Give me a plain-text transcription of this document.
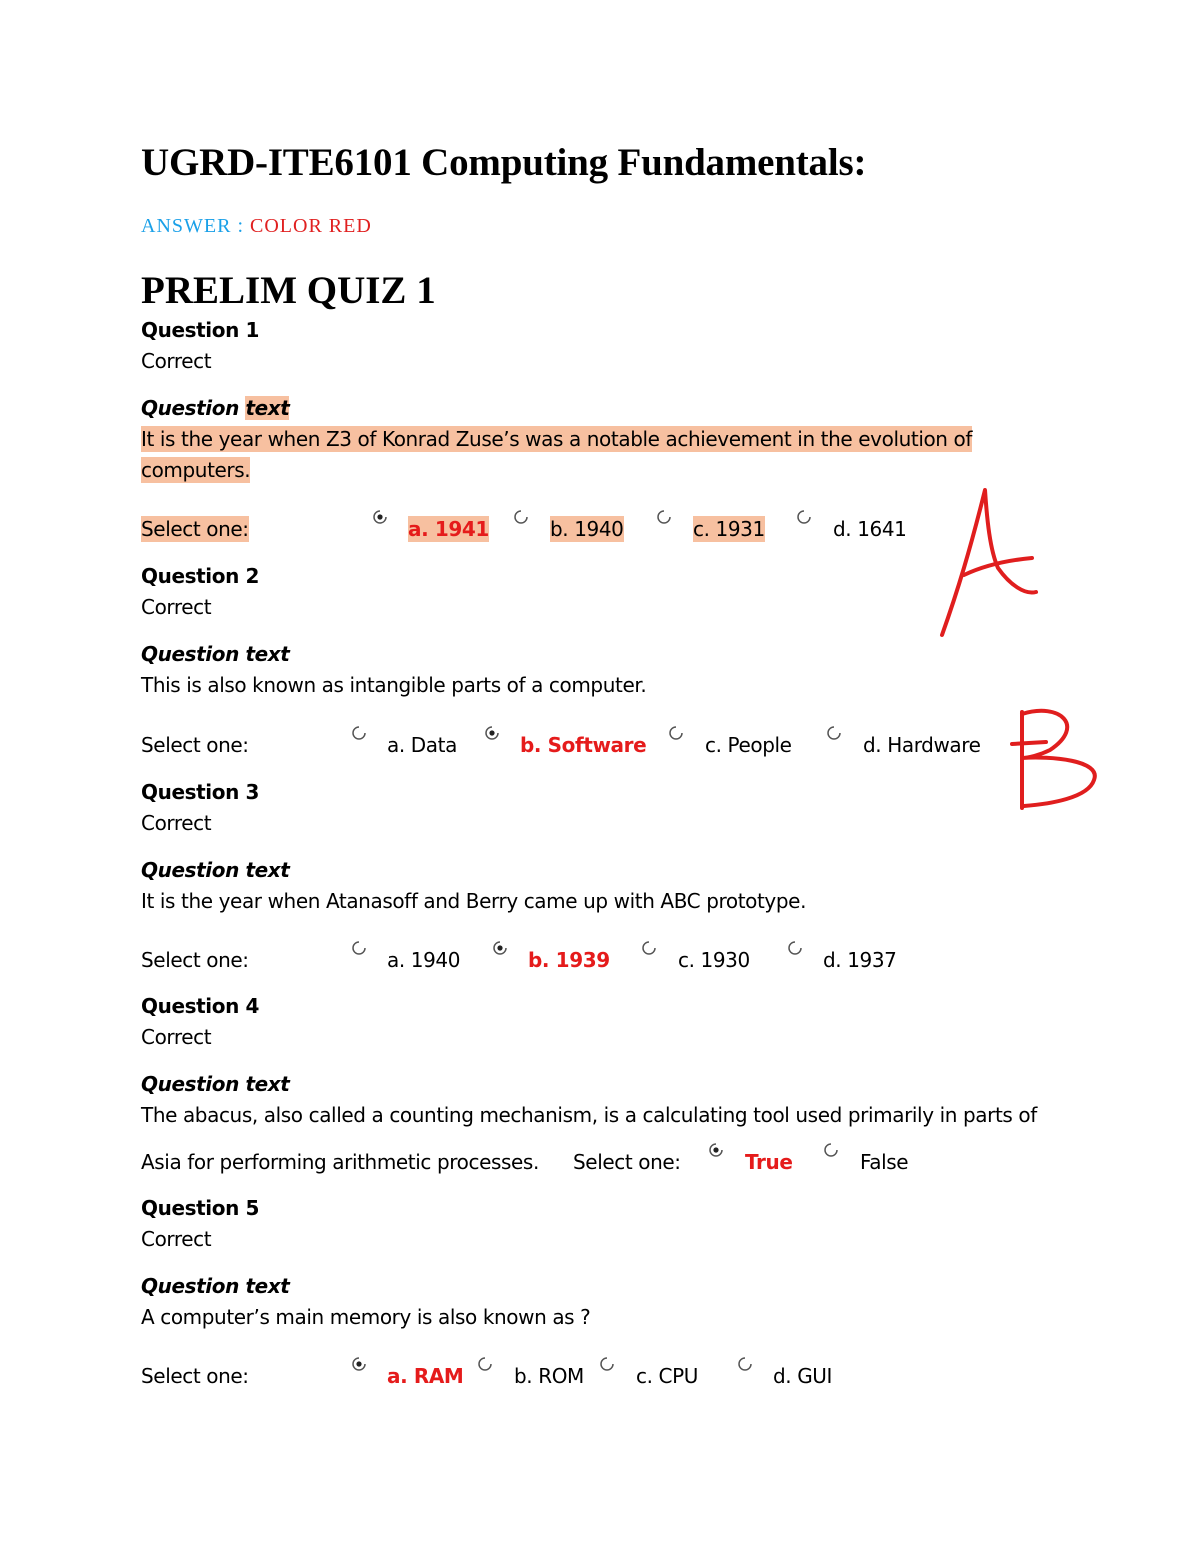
UGRD-ITE6101 Computing Fundamentals:
ANSWER : COLOR RED
PRELIM QUIZ 1
Question 1
Correct
Question text
It is the year when Z3 of Konrad Zuse’s was a notable achievement in the evolution of
computers.
Select one:	a. 1941	b. 1940	c. 1931	d. 1641
Question 2
Correct
Question text
This is also known as intangible parts of a computer.
Select one:	a. Data	b. Software	c. People	d. Hardware
Question 3
Correct
Question text
It is the year when Atanasoff and Berry came up with ABC prototype.
Select one:	a. 1940	b. 1939	c. 1930	d. 1937
Question 4
Correct
Question text
The abacus, also called a counting mechanism, is a calculating tool used primarily in parts of
Asia for performing arithmetic processes. Select one:	True	False
Question 5
Correct
Question text
A computer’s main memory is also known as ?
Select one:	a. RAM	b. ROM	c. CPU	d. GUI
